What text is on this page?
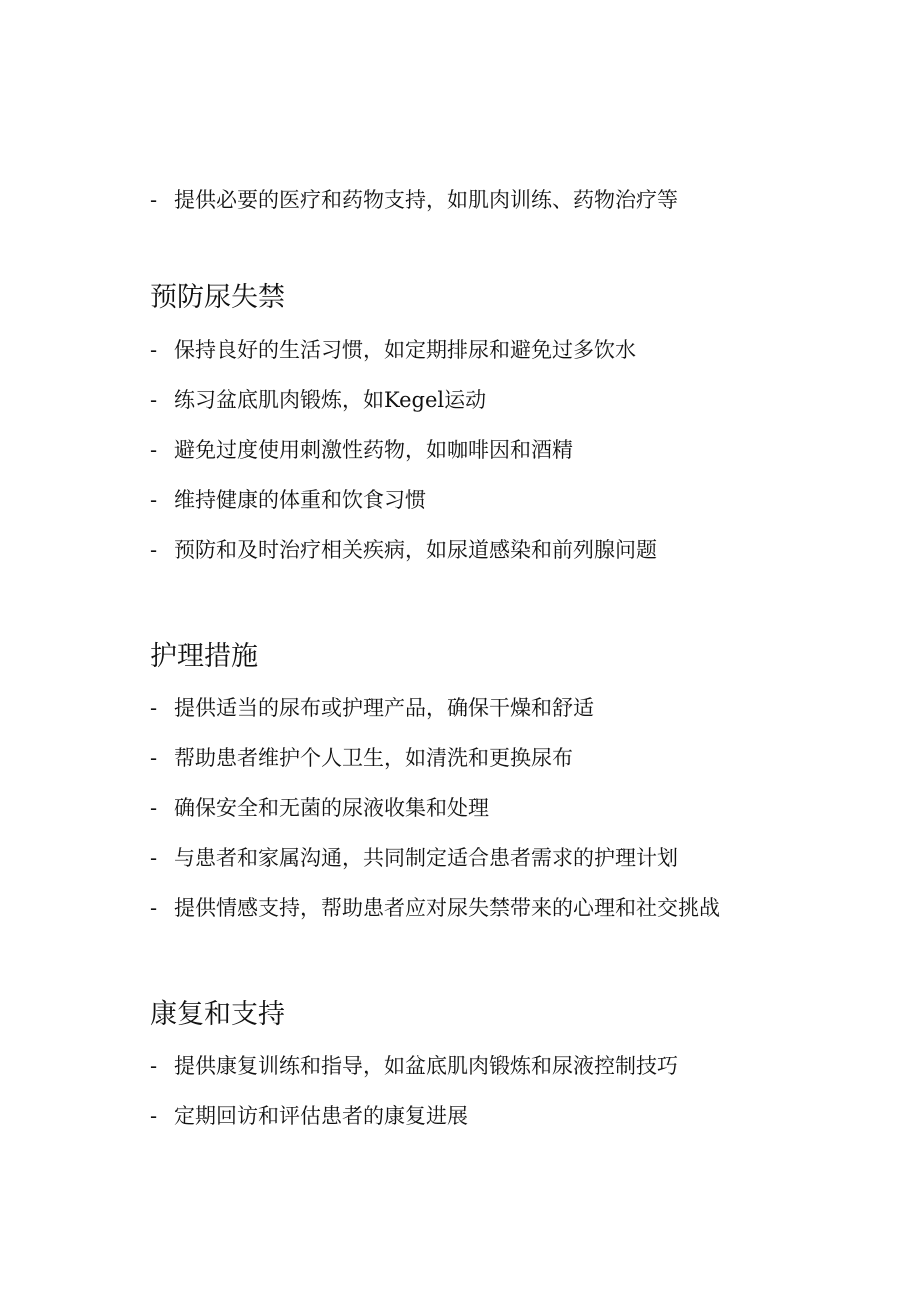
- 提供必要的医疗和药物支持，如肌肉训练、药物治疗等
预防尿失禁
- 保持良好的生活习惯，如定期排尿和避免过多饮水
- 练习盆底肌肉锻炼，如Kegel运动
- 避免过度使用刺激性药物，如咖啡因和酒精
- 维持健康的体重和饮食习惯
- 预防和及时治疗相关疾病，如尿道感染和前列腺问题
护理措施
- 提供适当的尿布或护理产品，确保干燥和舒适
- 帮助患者维护个人卫生，如清洗和更换尿布
- 确保安全和无菌的尿液收集和处理
- 与患者和家属沟通，共同制定适合患者需求的护理计划
- 提供情感支持，帮助患者应对尿失禁带来的心理和社交挑战
康复和支持
- 提供康复训练和指导，如盆底肌肉锻炼和尿液控制技巧
- 定期回访和评估患者的康复进展
